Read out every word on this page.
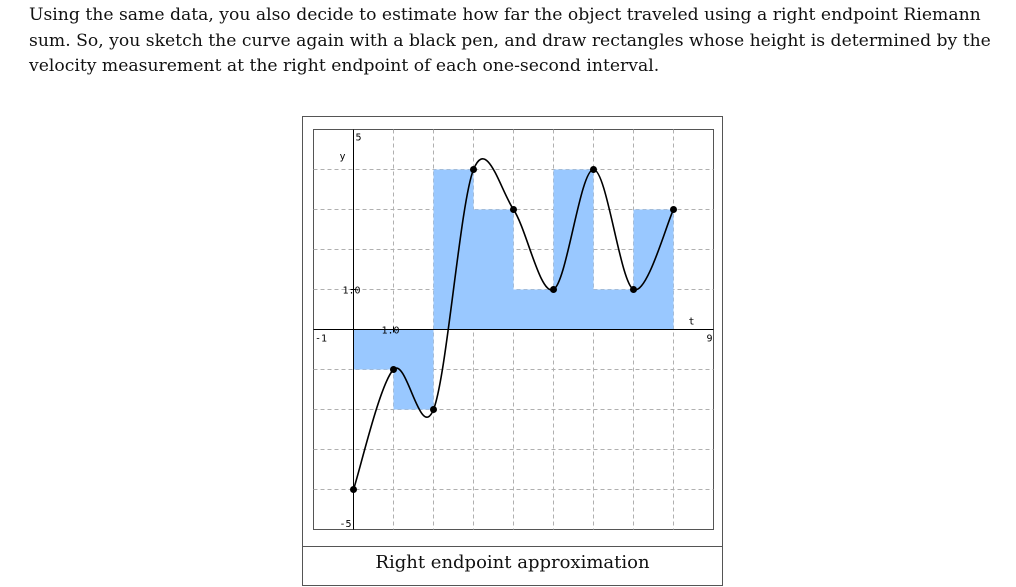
Using the same data, you also decide to estimate how far the object traveled using a right endpoint Riemann sum. So, you sketch the curve again with a black pen, and draw rectangles whose height is determined by the velocity measurement at the right endpoint of each one-second interval.

y
5
1.0
-5
1.0
t
9
-1
Right endpoint approximation
